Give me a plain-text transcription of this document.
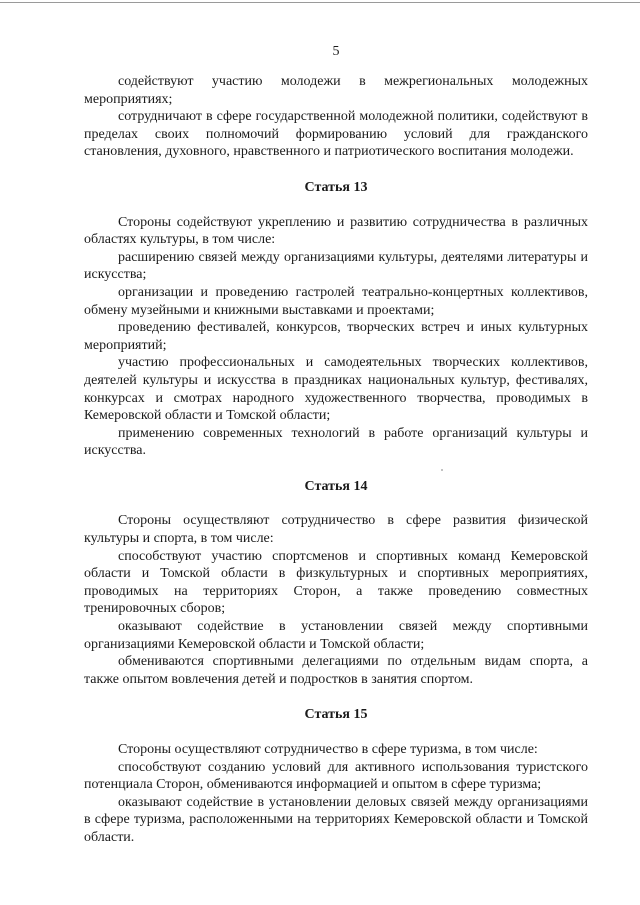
5

содействуют участию молодежи в межрегиональных молодежных мероприятиях;

сотрудничают в сфере государственной молодежной политики, содействуют в пределах своих полномочий формированию условий для гражданского становления, духовного, нравственного и патриотического воспитания молодежи.

Статья 13

Стороны содействуют укреплению и развитию сотрудничества в различных областях культуры, в том числе:

расширению связей между организациями культуры, деятелями литературы и искусства;

организации и проведению гастролей театрально-концертных коллективов, обмену музейными и книжными выставками и проектами;

проведению фестивалей, конкурсов, творческих встреч и иных культурных мероприятий;

участию профессиональных и самодеятельных творческих коллективов, деятелей культуры и искусства в праздниках национальных культур, фестивалях, конкурсах и смотрах народного художественного творчества, проводимых в Кемеровской области и Томской области;

применению современных технологий в работе организаций культуры и искусства.

Статья 14

Стороны осуществляют сотрудничество в сфере развития физической культуры и спорта, в том числе:

способствуют участию спортсменов и спортивных команд Кемеровской области и Томской области в физкультурных и спортивных мероприятиях, проводимых на территориях Сторон, а также проведению совместных тренировочных сборов;

оказывают содействие в установлении связей между спортивными организациями Кемеровской области и Томской области;

обмениваются спортивными делегациями по отдельным видам спорта, а также опытом вовлечения детей и подростков в занятия спортом.

Статья 15

Стороны осуществляют сотрудничество в сфере туризма, в том числе:

способствуют созданию условий для активного использования туристского потенциала Сторон, обмениваются информацией и опытом в сфере туризма;

оказывают содействие в установлении деловых связей между организациями в сфере туризма, расположенными на территориях Кемеровской области и Томской области.
